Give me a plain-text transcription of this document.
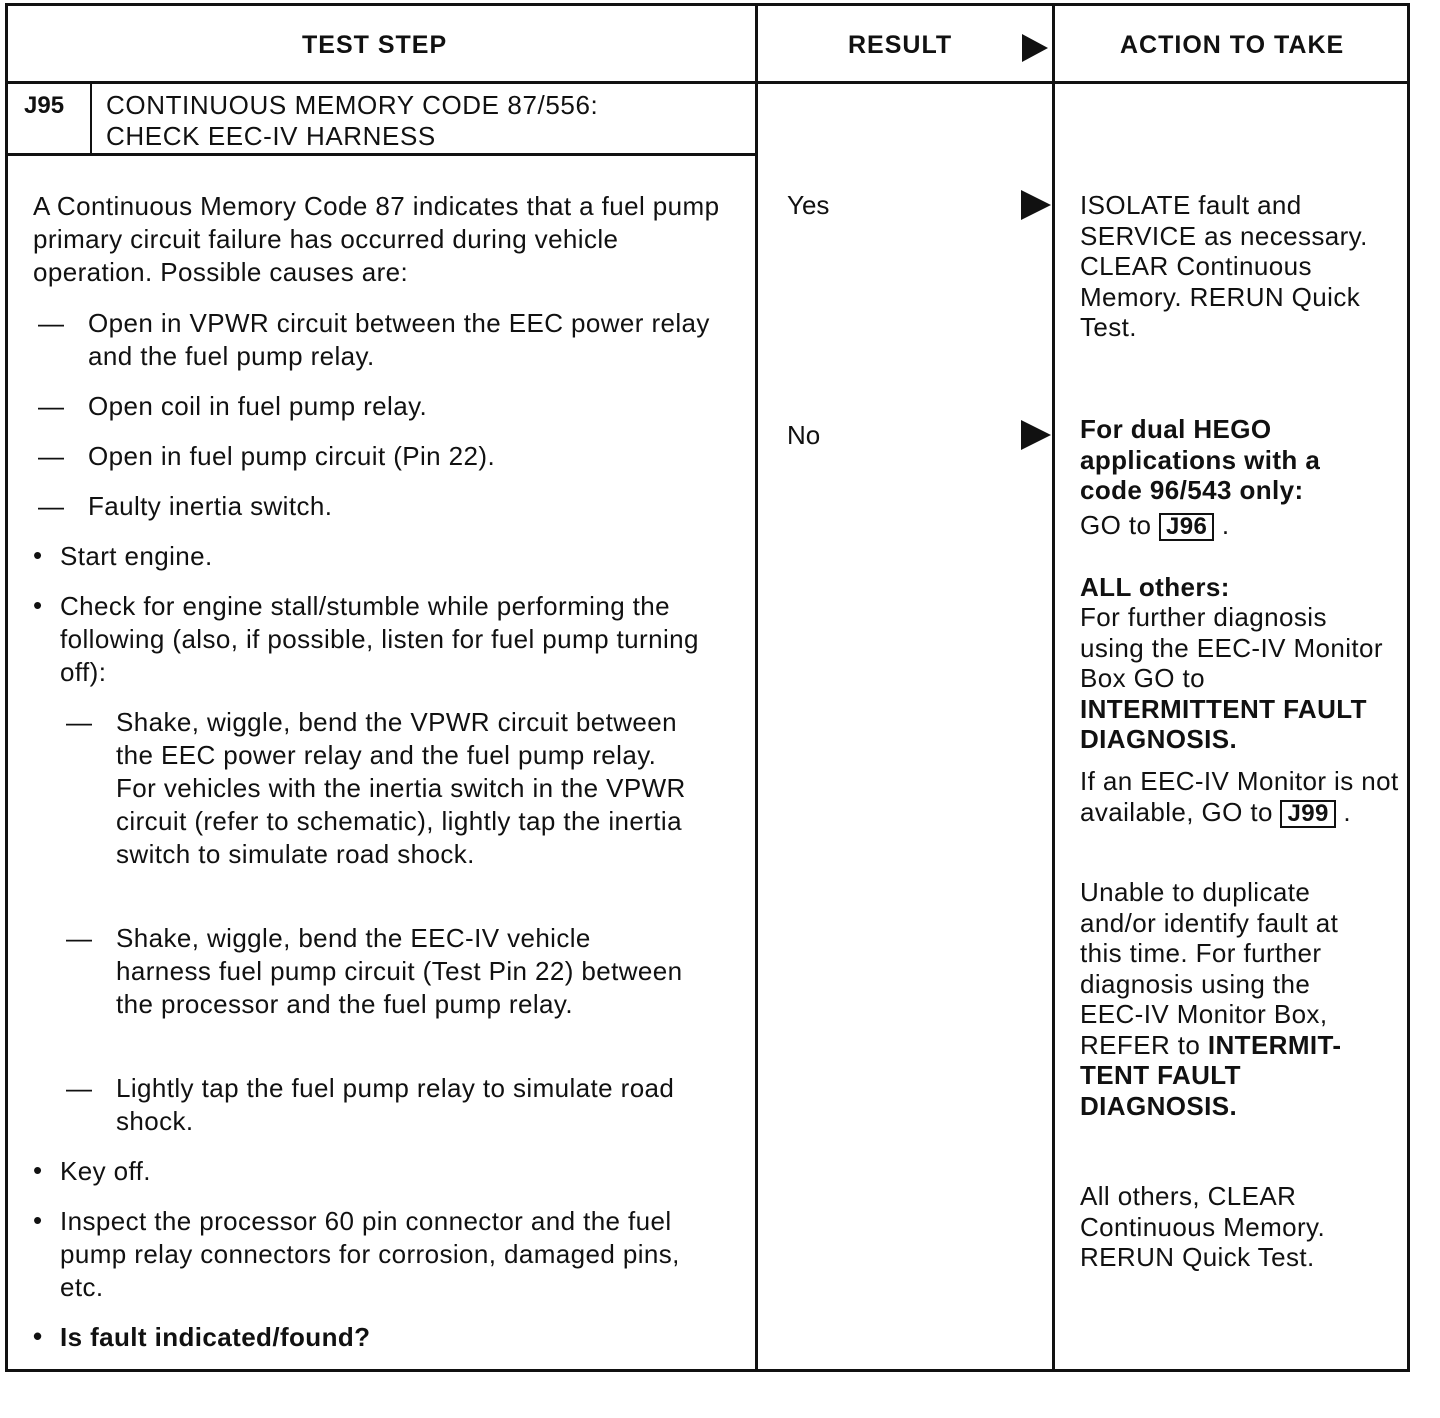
TEST STEP	RESULT	ACTION TO TAKE
J95 CONTINUOUS MEMORY CODE 87/556:
CHECK EEC-IV HARNESS
A Continuous Memory Code 87 indicates that a fuel pump primary circuit failure has occurred during vehicle operation. Possible causes are:
— Open in VPWR circuit between the EEC power relay and the fuel pump relay.
— Open coil in fuel pump relay.
— Open in fuel pump circuit (Pin 22).
— Faulty inertia switch.
• Start engine.
• Check for engine stall/stumble while performing the following (also, if possible, listen for fuel pump turning off):
— Shake, wiggle, bend the VPWR circuit between the EEC power relay and the fuel pump relay. For vehicles with the inertia switch in the VPWR circuit (refer to schematic), lightly tap the inertia switch to simulate road shock.
— Shake, wiggle, bend the EEC-IV vehicle harness fuel pump circuit (Test Pin 22) between the processor and the fuel pump relay.
— Lightly tap the fuel pump relay to simulate road shock.
• Key off.
• Inspect the processor 60 pin connector and the fuel pump relay connectors for corrosion, damaged pins, etc.
• Is fault indicated/found?
Yes
No
ISOLATE fault and SERVICE as necessary. CLEAR Continuous Memory. RERUN Quick Test.
For dual HEGO applications with a code 96/543 only:
GO to J96 .
ALL others:
For further diagnosis using the EEC-IV Monitor Box GO to INTERMITTENT FAULT DIAGNOSIS.
If an EEC-IV Monitor is not available, GO to J99 .
Unable to duplicate and/or identify fault at this time. For further diagnosis using the EEC-IV Monitor Box, REFER to INTERMIT-TENT FAULT DIAGNOSIS.
All others, CLEAR Continuous Memory. RERUN Quick Test.
